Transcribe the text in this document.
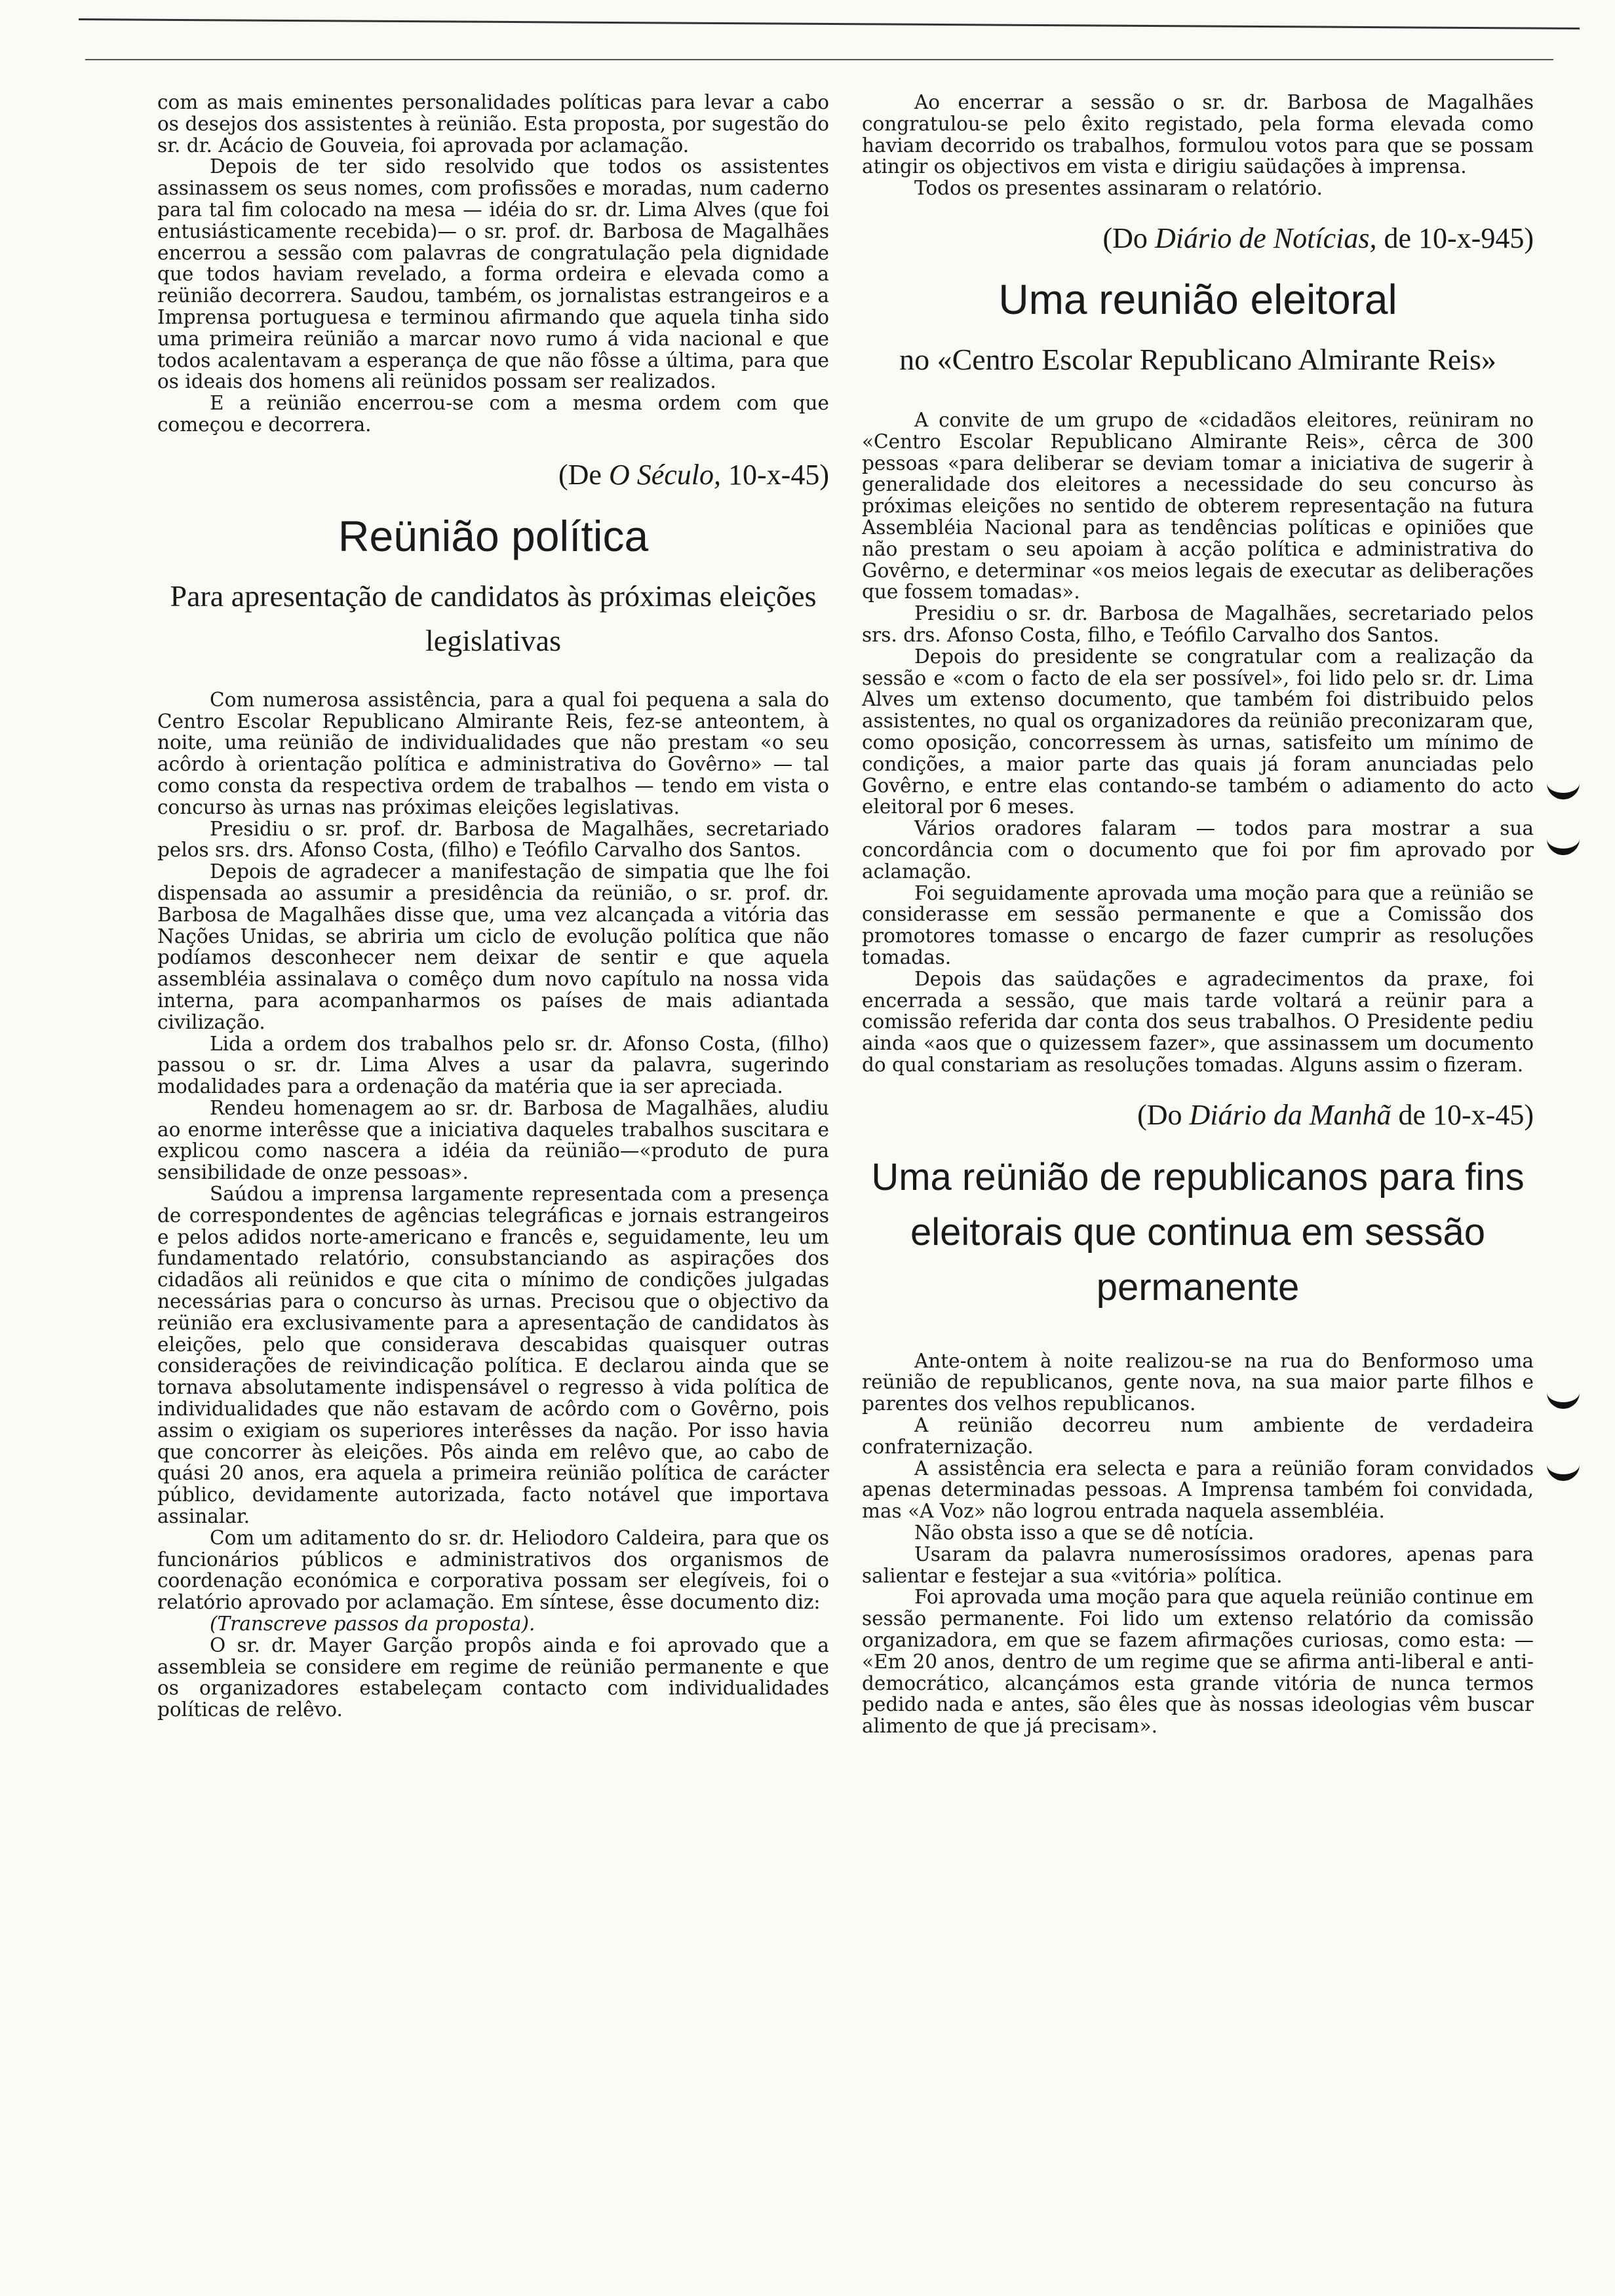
com as mais eminentes personalidades políticas para levar a cabo os desejos dos assistentes à reünião. Esta proposta, por sugestão do sr. dr. Acácio de Gouveia, foi aprovada por aclamação.

Depois de ter sido resolvido que todos os assistentes assinassem os seus nomes, com profissões e moradas, num caderno para tal fim colocado na mesa — idéia do sr. dr. Lima Alves (que foi entusiásticamente recebida)— o sr. prof. dr. Barbosa de Magalhães encerrou a sessão com palavras de congratulação pela dignidade que todos haviam revelado, a forma ordeira e elevada como a reünião decorrera. Saudou, também, os jornalistas estrangeiros e a Imprensa portuguesa e terminou afirmando que aquela tinha sido uma primeira reünião a marcar novo rumo á vida nacional e que todos acalentavam a esperança de que não fôsse a última, para que os ideais dos homens ali reünidos possam ser realizados.

E a reünião encerrou-se com a mesma ordem com que começou e decorrera.

(De O Século, 10-x-45)
Reünião política
Para apresentação de candidatos às próximas eleições legislativas

Com numerosa assistência, para a qual foi pequena a sala do Centro Escolar Republicano Almirante Reis, fez-se anteontem, à noite, uma reünião de individualidades que não prestam «o seu acôrdo à orientação política e administrativa do Govêrno» — tal como consta da respectiva ordem de trabalhos — tendo em vista o concurso às urnas nas próximas eleições legislativas.

Presidiu o sr. prof. dr. Barbosa de Magalhães, secretariado pelos srs. drs. Afonso Costa, (filho) e Teófilo Carvalho dos Santos.

Depois de agradecer a manifestação de simpatia que lhe foi dispensada ao assumir a presidência da reünião, o sr. prof. dr. Barbosa de Magalhães disse que, uma vez alcançada a vitória das Nações Unidas, se abriria um ciclo de evolução política que não podíamos desconhecer nem deixar de sentir e que aquela assembléia assinalava o comêço dum novo capítulo na nossa vida interna, para acompanharmos os países de mais adiantada civilização.

Lida a ordem dos trabalhos pelo sr. dr. Afonso Costa, (filho) passou o sr. dr. Lima Alves a usar da palavra, sugerindo modalidades para a ordenação da matéria que ia ser apreciada.

Rendeu homenagem ao sr. dr. Barbosa de Magalhães, aludiu ao enorme interêsse que a iniciativa daqueles trabalhos suscitara e explicou como nascera a idéia da reünião—«produto de pura sensibilidade de onze pessoas».

Saúdou a imprensa largamente representada com a presença de correspondentes de agências telegráficas e jornais estrangeiros e pelos adidos norte-americano e francês e, seguidamente, leu um fundamentado relatório, consubstanciando as aspirações dos cidadãos ali reünidos e que cita o mínimo de condições julgadas necessárias para o concurso às urnas. Precisou que o objectivo da reünião era exclusivamente para a apresentação de candidatos às eleições, pelo que considerava descabidas quaisquer outras considerações de reivindicação política. E declarou ainda que se tornava absolutamente indispensável o regresso à vida política de individualidades que não estavam de acôrdo com o Govêrno, pois assim o exigiam os superiores interêsses da nação. Por isso havia que concorrer às eleições. Pôs ainda em relêvo que, ao cabo de quási 20 anos, era aquela a primeira reünião política de carácter público, devidamente autorizada, facto notável que importava assinalar.

Com um aditamento do sr. dr. Heliodoro Caldeira, para que os funcionários públicos e administrativos dos organismos de coordenação económica e corporativa possam ser elegíveis, foi o relatório aprovado por aclamação. Em síntese, êsse documento diz:

(Transcreve passos da proposta).

O sr. dr. Mayer Garção propôs ainda e foi aprovado que a assembleia se considere em regime de reünião permanente e que os organizadores estabeleçam contacto com individualidades políticas de relêvo.

Ao encerrar a sessão o sr. dr. Barbosa de Magalhães congratulou-se pelo êxito registado, pela forma elevada como haviam decorrido os trabalhos, formulou votos para que se possam atingir os objectivos em vista e dirigiu saüdações à imprensa.

Todos os presentes assinaram o relatório.

(Do Diário de Notícias, de 10-x-945)
Uma reunião eleitoral
no «Centro Escolar Republicano Almirante Reis»

A convite de um grupo de «cidadãos eleitores, reüniram no «Centro Escolar Republicano Almirante Reis», cêrca de 300 pessoas «para deliberar se deviam tomar a iniciativa de sugerir à generalidade dos eleitores a necessidade do seu concurso às próximas eleições no sentido de obterem representação na futura Assembléia Nacional para as tendências políticas e opiniões que não prestam o seu apoiam à acção política e administrativa do Govêrno, e determinar «os meios legais de executar as deliberações que fossem tomadas».

Presidiu o sr. dr. Barbosa de Magalhães, secretariado pelos srs. drs. Afonso Costa, filho, e Teófilo Carvalho dos Santos.

Depois do presidente se congratular com a realização da sessão e «com o facto de ela ser possível», foi lido pelo sr. dr. Lima Alves um extenso documento, que também foi distribuido pelos assistentes, no qual os organizadores da reünião preconizaram que, como oposição, concorressem às urnas, satisfeito um mínimo de condições, a maior parte das quais já foram anunciadas pelo Govêrno, e entre elas contando-se também o adiamento do acto eleitoral por 6 meses.

Vários oradores falaram — todos para mostrar a sua concordância com o documento que foi por fim aprovado por aclamação.

Foi seguidamente aprovada uma moção para que a reünião se considerasse em sessão permanente e que a Comissão dos promotores tomasse o encargo de fazer cumprir as resoluções tomadas.

Depois das saüdações e agradecimentos da praxe, foi encerrada a sessão, que mais tarde voltará a reünir para a comissão referida dar conta dos seus trabalhos. O Presidente pediu ainda «aos que o quizessem fazer», que assinassem um documento do qual constariam as resoluções tomadas. Alguns assim o fizeram.

(Do Diário da Manhã de 10-x-45)
Uma reünião de republicanos para fins eleitorais que continua em sessão permanente

Ante-ontem à noite realizou-se na rua do Benformoso uma reünião de republicanos, gente nova, na sua maior parte filhos e parentes dos velhos republicanos.

A reünião decorreu num ambiente de verdadeira confraternização.

A assistência era selecta e para a reünião foram convidados apenas determinadas pessoas. A Imprensa também foi convidada, mas «A Voz» não logrou entrada naquela assembléia.

Não obsta isso a que se dê notícia.

Usaram da palavra numerosíssimos oradores, apenas para salientar e festejar a sua «vitória» política.

Foi aprovada uma moção para que aquela reünião continue em sessão permanente. Foi lido um extenso relatório da comissão organizadora, em que se fazem afirmações curiosas, como esta: — «Em 20 anos, dentro de um regime que se afirma anti-liberal e anti-democrático, alcançámos esta grande vitória de nunca termos pedido nada e antes, são êles que às nossas ideologias vêm buscar alimento de que já precisam».
